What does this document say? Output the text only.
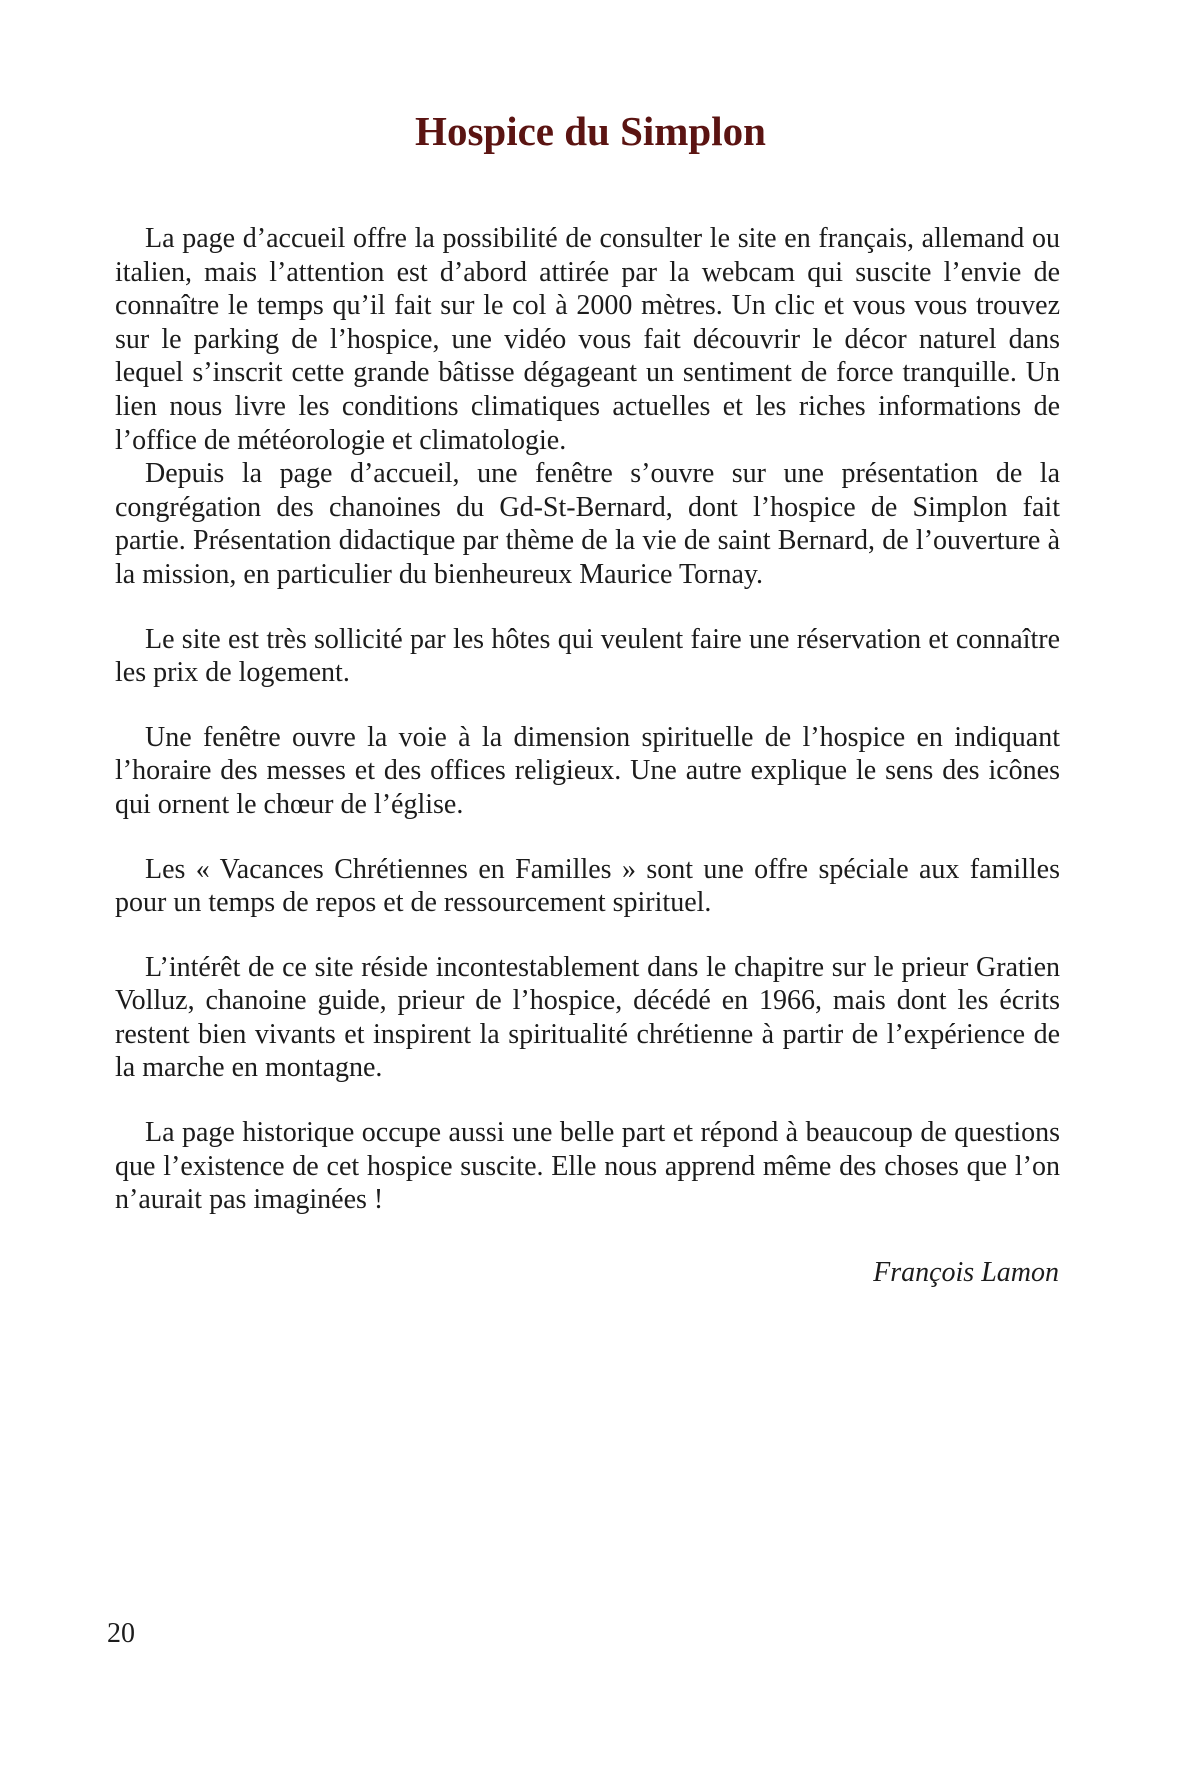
Hospice du Simplon

La page d’accueil offre la possibilité de consulter le site en français, allemand ou italien, mais l’attention est d’abord attirée par la webcam qui suscite l’envie de connaître le temps qu’il fait sur le col à 2000 mètres. Un clic et vous vous trouvez sur le parking de l’hospice, une vidéo vous fait découvrir le décor naturel dans lequel s’inscrit cette grande bâtisse dégageant un sentiment de force tranquille. Un lien nous livre les conditions climatiques actuelles et les riches informations de l’office de météorologie et climatologie.

Depuis la page d’accueil, une fenêtre s’ouvre sur une présentation de la congrégation des chanoines du Gd-St-Bernard, dont l’hospice de Simplon fait partie. Présentation didactique par thème de la vie de saint Bernard, de l’ouverture à la mission, en particulier du bienheureux Maurice Tornay.

Le site est très sollicité par les hôtes qui veulent faire une réservation et connaître les prix de logement.

Une fenêtre ouvre la voie à la dimension spirituelle de l’hospice en indiquant l’horaire des messes et des offices religieux. Une autre explique le sens des icônes qui ornent le chœur de l’église.

Les « Vacances Chrétiennes en Familles » sont une offre spéciale aux familles pour un temps de repos et de ressourcement spirituel.

L’intérêt de ce site réside incontestablement dans le chapitre sur le prieur Gratien Volluz, chanoine guide, prieur de l’hospice, décédé en 1966, mais dont les écrits restent bien vivants et inspirent la spiritualité chrétienne à partir de l’expérience de la marche en montagne.

La page historique occupe aussi une belle part et répond à beaucoup de questions que l’existence de cet hospice suscite. Elle nous apprend même des choses que l’on n’aurait pas imaginées !

François Lamon

20
